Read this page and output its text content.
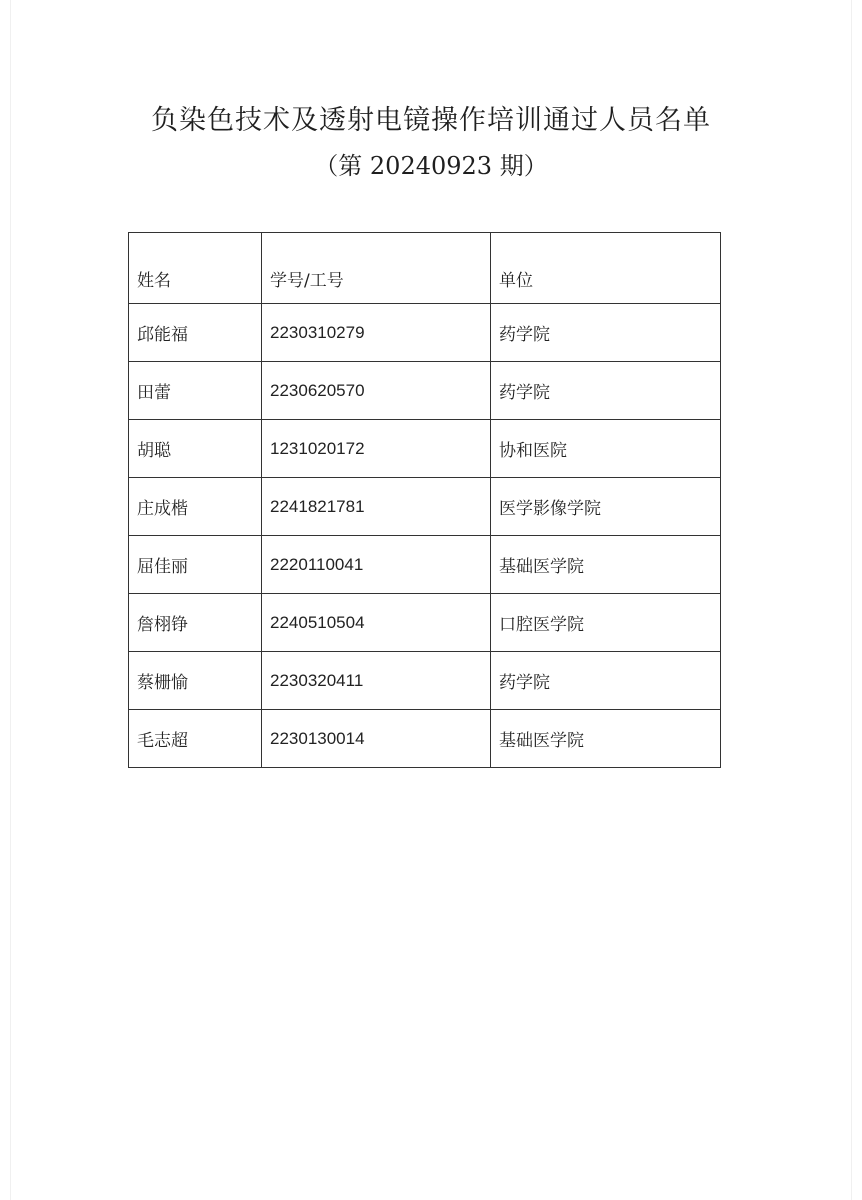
负染色技术及透射电镜操作培训通过人员名单
（第 20240923 期）
姓名	学号/工号	单位
邱能福	2230310279	药学院
田蕾	2230620570	药学院
胡聪	1231020172	协和医院
庄成楷	2241821781	医学影像学院
屈佳丽	2220110041	基础医学院
詹栩铮	2240510504	口腔医学院
蔡栅愉	2230320411	药学院
毛志超	2230130014	基础医学院
